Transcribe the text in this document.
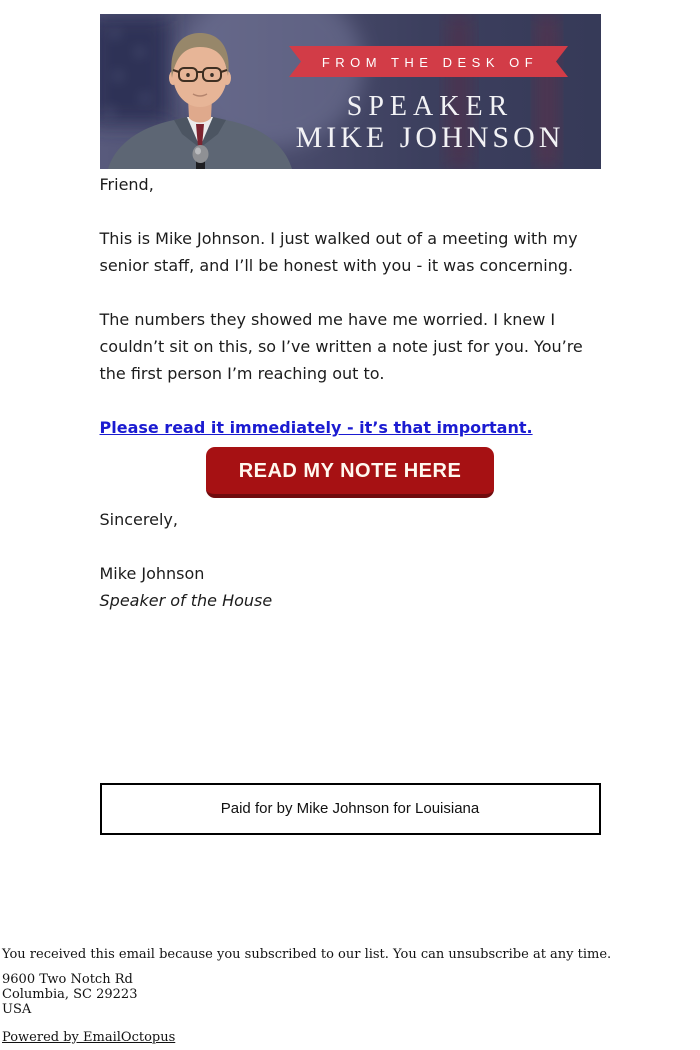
FROM THE DESK OF
SPEAKER
MIKE JOHNSON

Friend,

This is Mike Johnson. I just walked out of a meeting with my senior staff, and I’ll be honest with you - it was concerning.

The numbers they showed me have me worried. I knew I couldn’t sit on this, so I’ve written a note just for you. You’re the first person I’m reaching out to.

Please read it immediately - it’s that important.

READ MY NOTE HERE

Sincerely,

Mike Johnson
Speaker of the House

Paid for by Mike Johnson for Louisiana

You received this email because you subscribed to our list. You can unsubscribe at any time.

9600 Two Notch Rd
Columbia, SC 29223
USA

Powered by EmailOctopus
